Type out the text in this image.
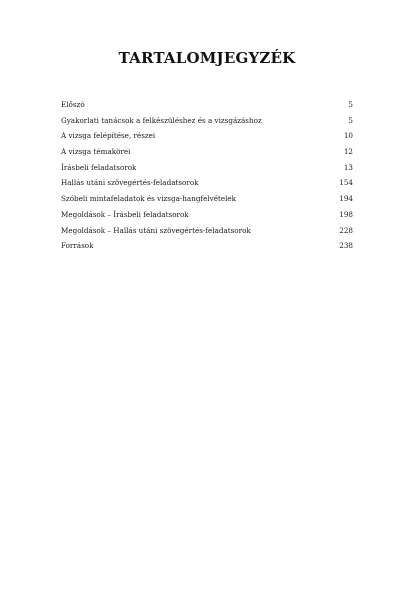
TARTALOMJEGYZÉK
Előszó	5
Gyakorlati tanácsok a felkészüléshez és a vizsgázáshoz	5
A vizsga felépítése, részei	10
A vizsga témakörei	12
Írásbeli feladatsorok	13
Hallás utáni szövegértés-feladatsorok	154
Szóbeli mintafeladatok és vizsga-hangfelvételek	194
Megoldások – Írásbeli feladatsorok	198
Megoldások – Hallás utáni szövegértés-feladatsorok	228
Források	238
